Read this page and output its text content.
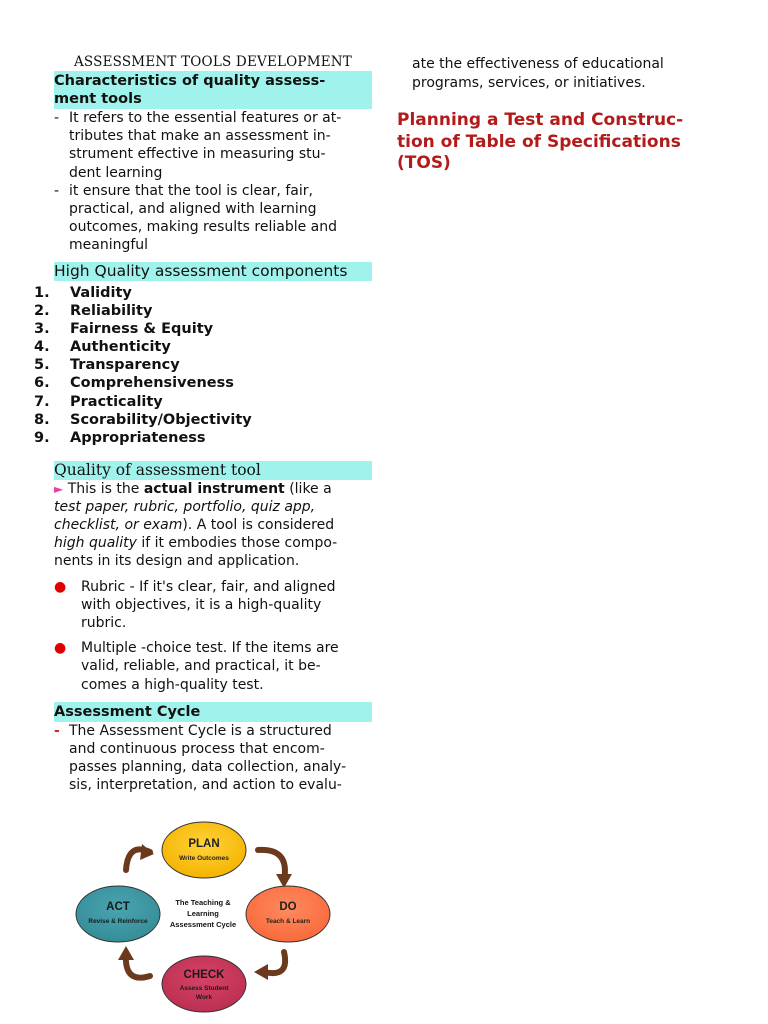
ASSESSMENT TOOLS DEVELOPMENT
Characteristics of quality assess-
ment tools
- It refers to the essential features or at-
tributes that make an assessment in-
strument effective in measuring stu-
dent learning
- it ensure that the tool is clear, fair,
practical, and aligned with learning
outcomes, making results reliable and
meaningful
High Quality assessment components
Quality of assessment tool
► This is the actual instrument (like a
test paper, rubric, portfolio, quiz app,
checklist, or exam). A tool is considered
high quality if it embodies those compo-
nents in its design and application.
●	Rubric - If it's clear, fair, and aligned
with objectives, it is a high-quality
rubric.
●	Multiple -choice test. If the items are
valid, reliable, and practical, it be-
comes a high-quality test.
Assessment Cycle
- The Assessment Cycle is a structured
and continuous process that encom-
passes planning, data collection, analy-
sis, interpretation, and action to evalu-
1.	Validity
2.	Reliability
3.	Fairness & Equity
4.	Authenticity
5.	Transparency
6.	Comprehensiveness
7.	Practicality
8.	Scorability/Objectivity
9.	Appropriateness
ate the effectiveness of educational
programs, services, or initiatives.
Planning a Test and Construc-
tion of Table of Specifications
(TOS)
PLAN
Write Outcomes
DO
Teach & Learn
CHECK
Assess Student
Work
ACT
Revise & Reinforce
The Teaching &
Learning
Assessment Cycle
